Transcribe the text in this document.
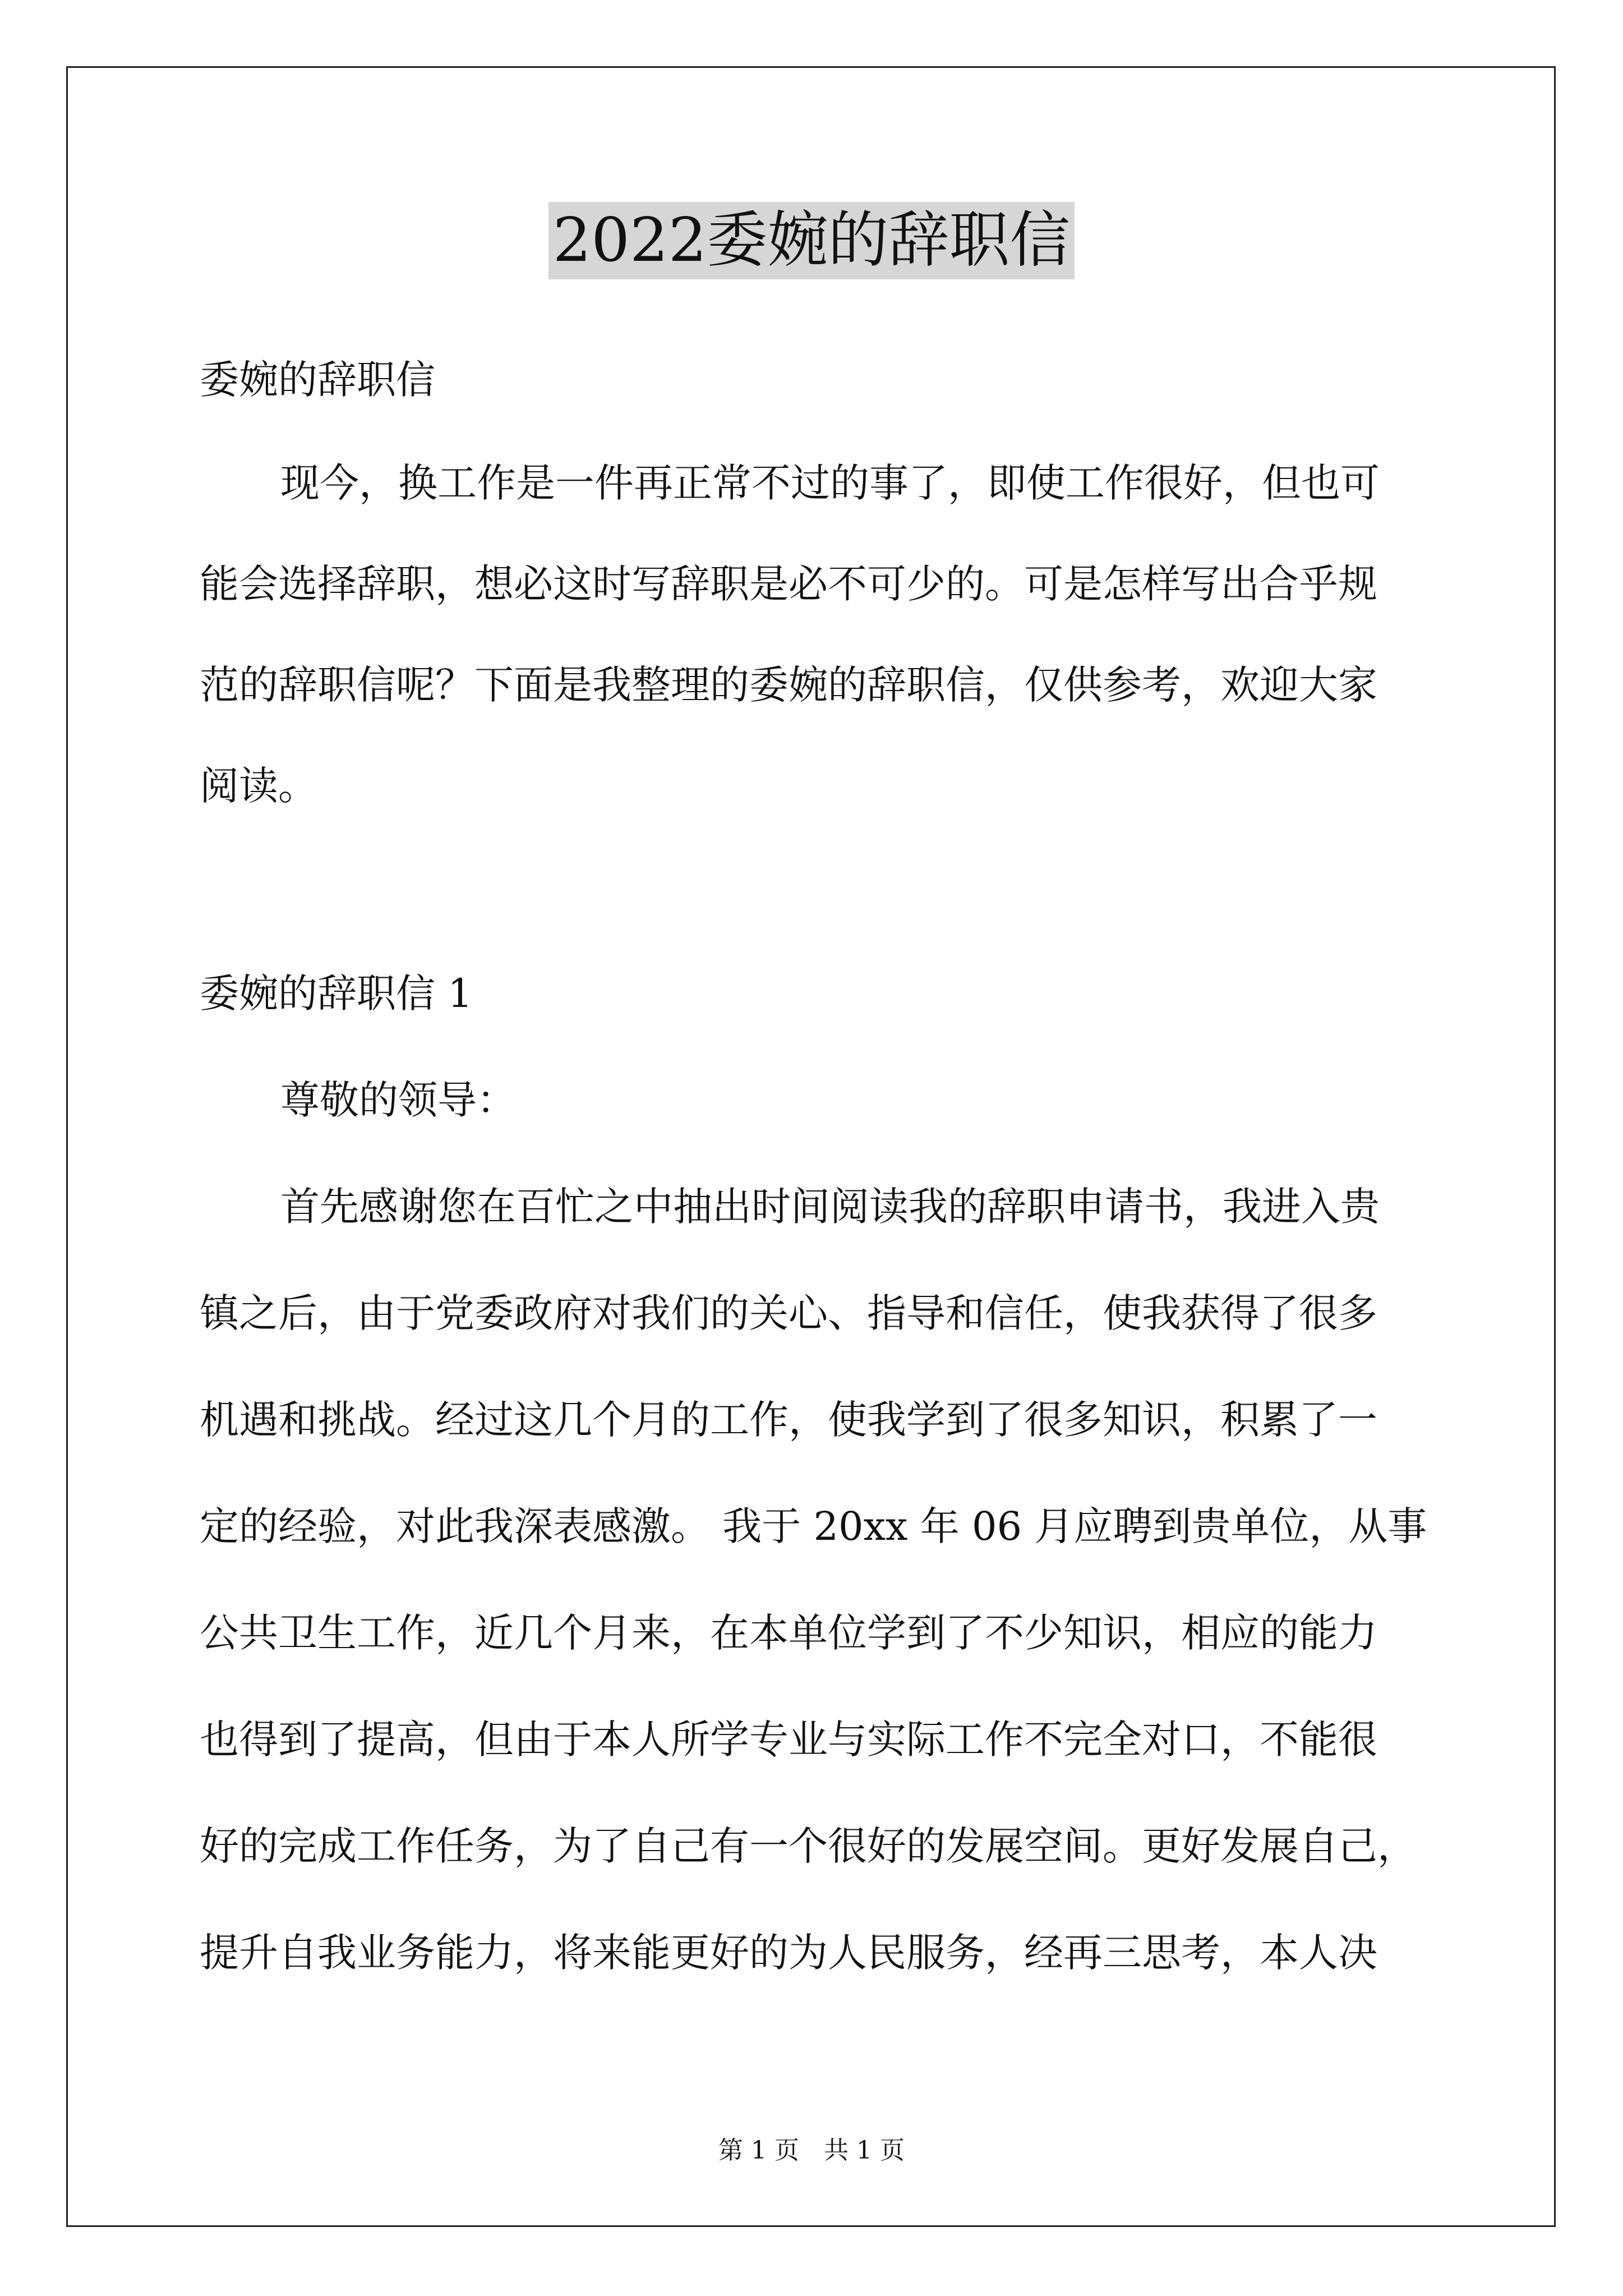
2022委婉的辞职信
委婉的辞职信
现今，换工作是一件再正常不过的事了，即使工作很好，但也可
能会选择辞职，想必这时写辞职是必不可少的。可是怎样写出合乎规
范的辞职信呢？下面是我整理的委婉的辞职信，仅供参考，欢迎大家
阅读。
委婉的辞职信 1
尊敬的领导：
首先感谢您在百忙之中抽出时间阅读我的辞职申请书，我进入贵
镇之后，由于党委政府对我们的关心、指导和信任，使我获得了很多
机遇和挑战。经过这几个月的工作，使我学到了很多知识，积累了一
定的经验，对此我深表感激。 我于 20xx 年 06 月应聘到贵单位，从事
公共卫生工作，近几个月来，在本单位学到了不少知识，相应的能力
也得到了提高，但由于本人所学专业与实际工作不完全对口，不能很
好的完成工作任务，为了自己有一个很好的发展空间。更好发展自己，
提升自我业务能力，将来能更好的为人民服务，经再三思考，本人决
第 1 页　共 1 页
